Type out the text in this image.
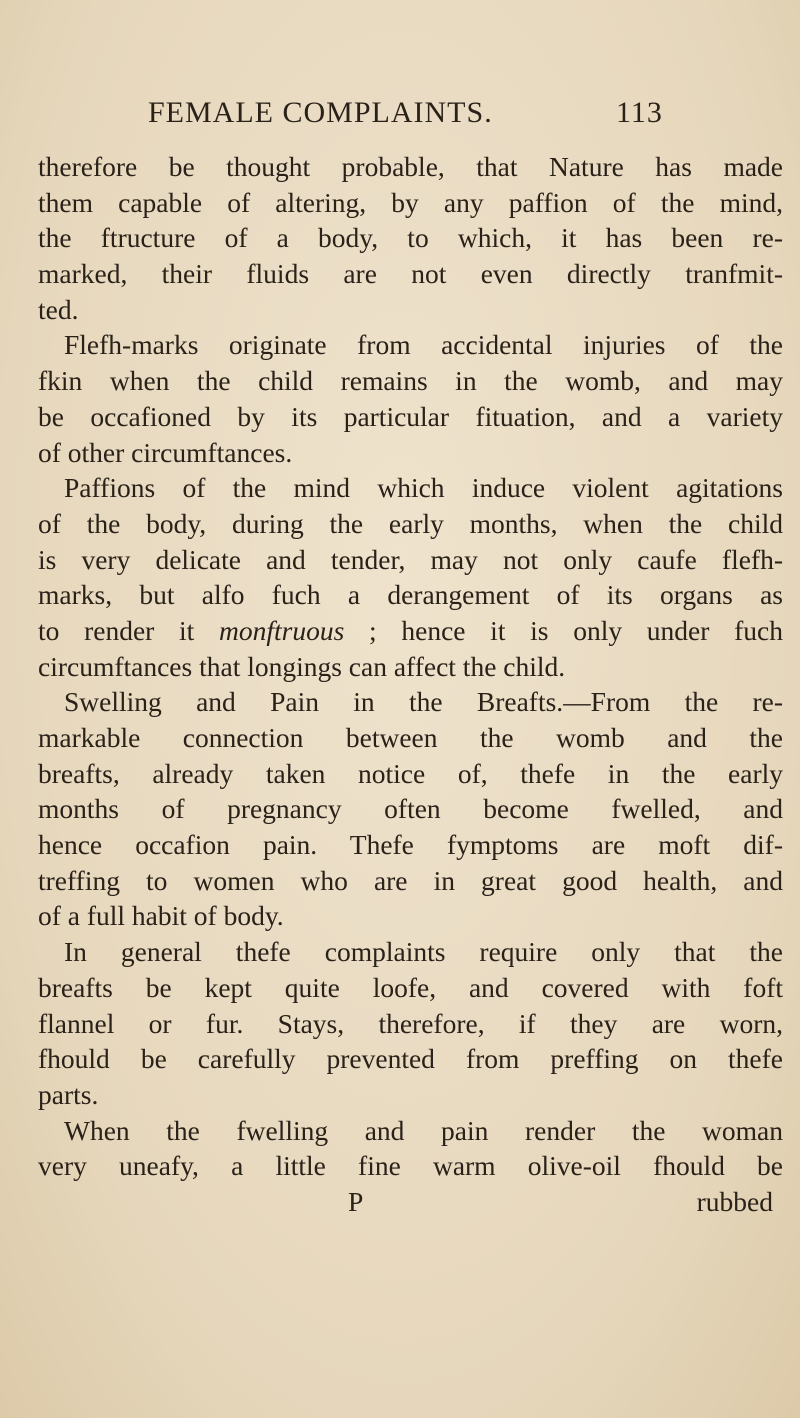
FEMALE COMPLAINTS.	113
therefore be thought probable, that Nature has made
them capable of altering, by any paffion of the mind,
the ftructure of a body, to which, it has been re-
marked, their fluids are not even directly tranfmit-
ted.
Flefh-marks originate from accidental injuries of the
fkin when the child remains in the womb, and may
be occafioned by its particular fituation, and a variety
of other circumftances.
Paffions of the mind which induce violent agitations
of the body, during the early months, when the child
is very delicate and tender, may not only caufe flefh-
marks, but alfo fuch a derangement of its organs as
to render it monftruous ; hence it is only under fuch
circumftances that longings can affect the child.
Swelling and Pain in the Breafts.—From the re-
markable connection between the womb and the
breafts, already taken notice of, thefe in the early
months of pregnancy often become fwelled, and
hence occafion pain. Thefe fymptoms are moft dif-
treffing to women who are in great good health, and
of a full habit of body.
In general thefe complaints require only that the
breafts be kept quite loofe, and covered with foft
flannel or fur. Stays, therefore, if they are worn,
fhould be carefully prevented from preffing on thefe
parts.
When the fwelling and pain render the woman
very uneafy, a little fine warm olive-oil fhould be
P	rubbed
